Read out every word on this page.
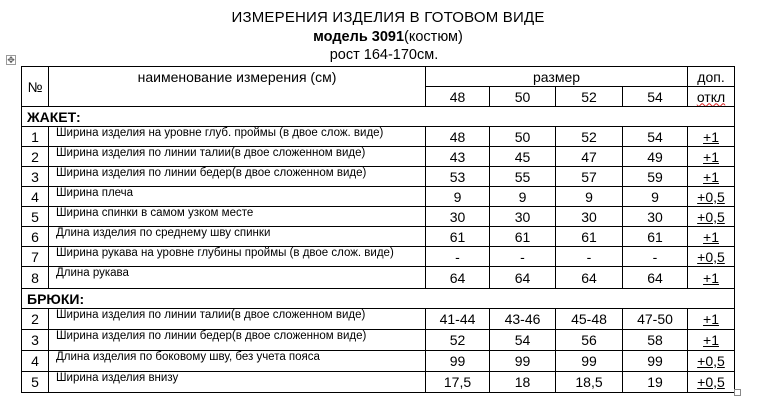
ИЗМЕРЕНИЯ ИЗДЕЛИЯ В ГОТОВОМ ВИДЕ
модель 3091(костюм)
рост 164-170см.
✥
№	наименование измерения (см)	размер				доп.
		48	50	52	54	откл
ЖАКЕТ:						
1	Ширина изделия на уровне глуб. проймы (в двое слож. виде)	48	50	52	54	+1
2	Ширина изделия по линии талии(в двое сложенном виде)	43	45	47	49	+1
3	Ширина изделия по линии бедер(в двое сложенном виде)	53	55	57	59	+1
4	Ширина плеча	9	9	9	9	+0,5
5	Ширина спинки в самом узком месте	30	30	30	30	+0,5
6	Длина изделия по среднему шву спинки	61	61	61	61	+1
7	Ширина рукава на уровне глубины проймы (в двое слож. виде)	-	-	-	-	+0,5
8	Длина рукава	64	64	64	64	+1
БРЮКИ:						
2	Ширина изделия по линии талии(в двое сложенном виде)	41-44	43-46	45-48	47-50	+1
3	Ширина изделия по линии бедер(в двое сложенном виде)	52	54	56	58	+1
4	Длина изделия по боковому шву, без учета пояса	99	99	99	99	+0,5
5	Ширина изделия внизу	17,5	18	18,5	19	+0,5
